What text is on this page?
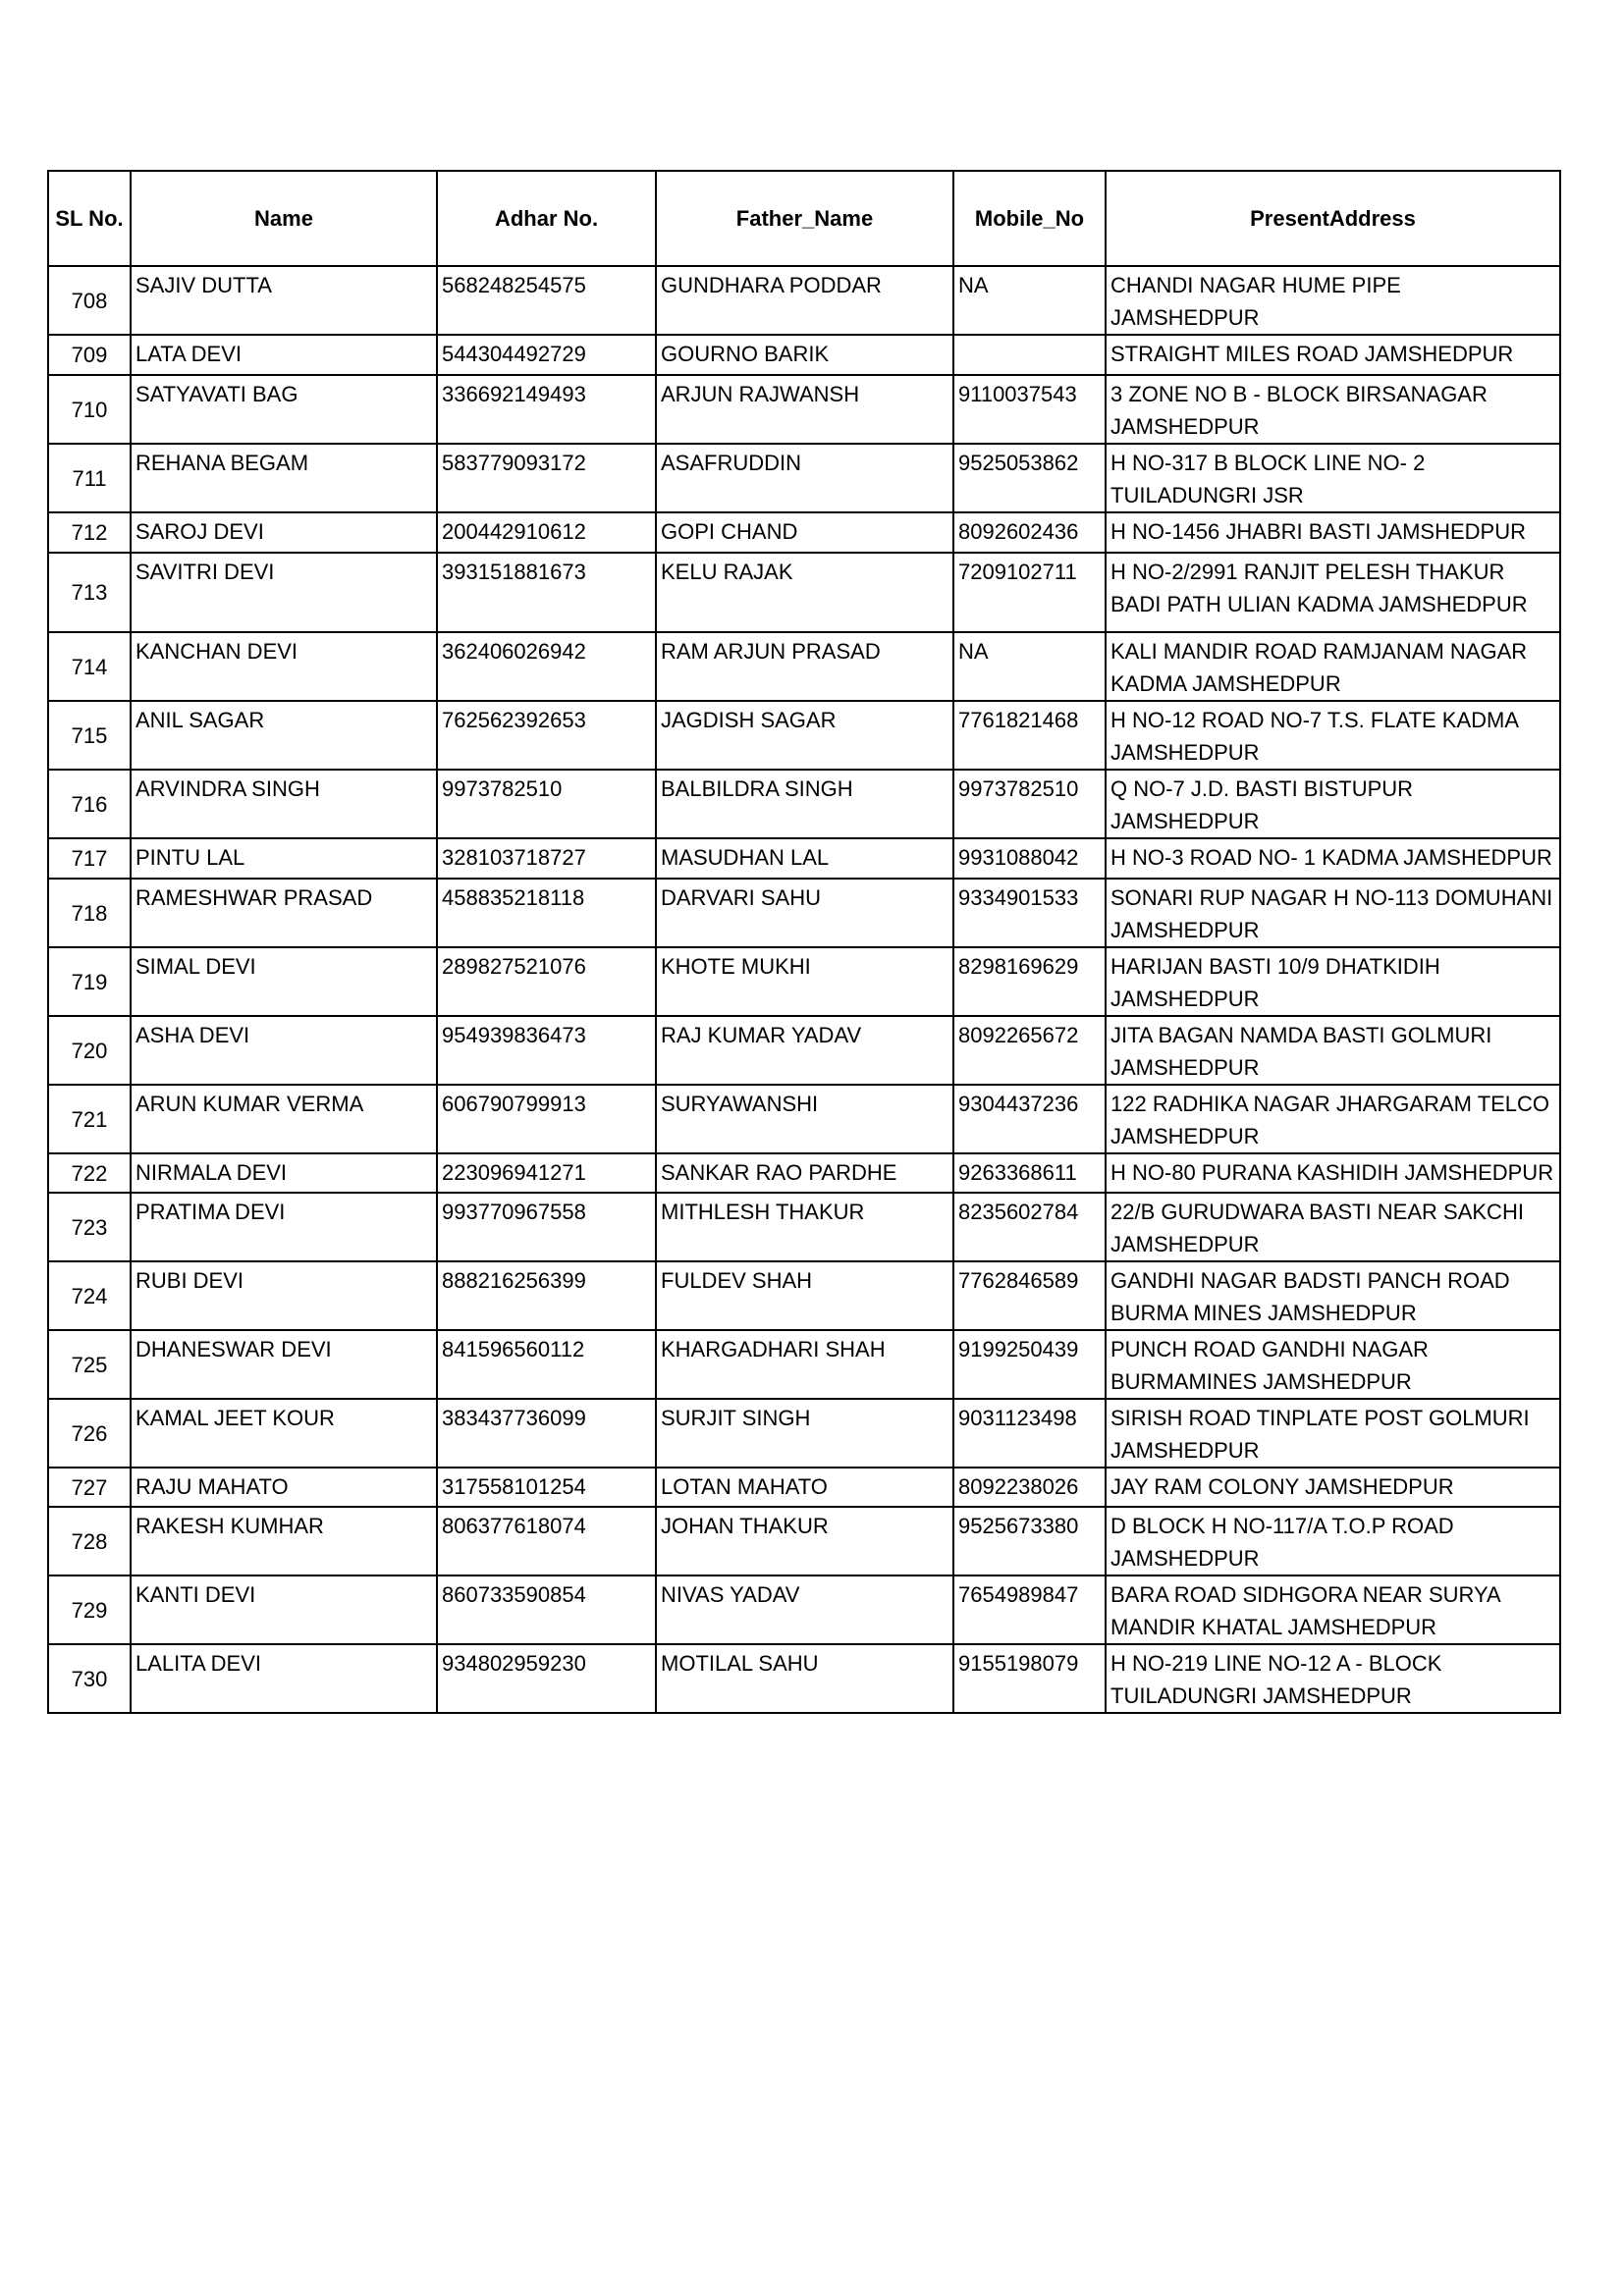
SL No.	Name	Adhar No.	Father_Name	Mobile_No	PresentAddress
708	SAJIV DUTTA	568248254575	GUNDHARA PODDAR	NA	CHANDI NAGAR HUME PIPE JAMSHEDPUR
709	LATA DEVI	544304492729	GOURNO BARIK		STRAIGHT MILES ROAD JAMSHEDPUR
710	SATYAVATI BAG	336692149493	ARJUN RAJWANSH	9110037543	3 ZONE NO B - BLOCK BIRSANAGAR JAMSHEDPUR
711	REHANA BEGAM	583779093172	ASAFRUDDIN	9525053862	H NO-317 B BLOCK LINE NO- 2 TUILADUNGRI JSR
712	SAROJ DEVI	200442910612	GOPI CHAND	8092602436	H NO-1456 JHABRI BASTI JAMSHEDPUR
713	SAVITRI DEVI	393151881673	KELU RAJAK	7209102711	H NO-2/2991 RANJIT PELESH THAKUR BADI PATH ULIAN KADMA JAMSHEDPUR
714	KANCHAN DEVI	362406026942	RAM ARJUN PRASAD	NA	KALI MANDIR ROAD RAMJANAM NAGAR KADMA JAMSHEDPUR
715	ANIL SAGAR	762562392653	JAGDISH SAGAR	7761821468	H NO-12 ROAD NO-7 T.S. FLATE KADMA JAMSHEDPUR
716	ARVINDRA SINGH	9973782510	BALBILDRA SINGH	9973782510	Q NO-7 J.D. BASTI BISTUPUR JAMSHEDPUR
717	PINTU LAL	328103718727	MASUDHAN LAL	9931088042	H NO-3 ROAD NO- 1 KADMA JAMSHEDPUR
718	RAMESHWAR PRASAD	458835218118	DARVARI SAHU	9334901533	SONARI RUP NAGAR H NO-113 DOMUHANI JAMSHEDPUR
719	SIMAL DEVI	289827521076	KHOTE MUKHI	8298169629	HARIJAN BASTI 10/9 DHATKIDIH JAMSHEDPUR
720	ASHA DEVI	954939836473	RAJ KUMAR YADAV	8092265672	JITA BAGAN NAMDA BASTI GOLMURI JAMSHEDPUR
721	ARUN KUMAR VERMA	606790799913	SURYAWANSHI	9304437236	122 RADHIKA NAGAR JHARGARAM TELCO JAMSHEDPUR
722	NIRMALA DEVI	223096941271	SANKAR RAO PARDHE	9263368611	H NO-80 PURANA KASHIDIH JAMSHEDPUR
723	PRATIMA DEVI	993770967558	MITHLESH THAKUR	8235602784	22/B GURUDWARA BASTI NEAR SAKCHI JAMSHEDPUR
724	RUBI DEVI	888216256399	FULDEV SHAH	7762846589	GANDHI NAGAR BADSTI PANCH ROAD BURMA MINES JAMSHEDPUR
725	DHANESWAR DEVI	841596560112	KHARGADHARI SHAH	9199250439	PUNCH ROAD GANDHI NAGAR BURMAMINES JAMSHEDPUR
726	KAMAL JEET KOUR	383437736099	SURJIT SINGH	9031123498	SIRISH ROAD TINPLATE POST GOLMURI JAMSHEDPUR
727	RAJU MAHATO	317558101254	LOTAN MAHATO	8092238026	JAY RAM COLONY JAMSHEDPUR
728	RAKESH KUMHAR	806377618074	JOHAN THAKUR	9525673380	D BLOCK H NO-117/A T.O.P ROAD JAMSHEDPUR
729	KANTI DEVI	860733590854	NIVAS YADAV	7654989847	BARA ROAD SIDHGORA NEAR SURYA MANDIR KHATAL JAMSHEDPUR
730	LALITA DEVI	934802959230	MOTILAL SAHU	9155198079	H NO-219 LINE NO-12 A - BLOCK TUILADUNGRI JAMSHEDPUR
